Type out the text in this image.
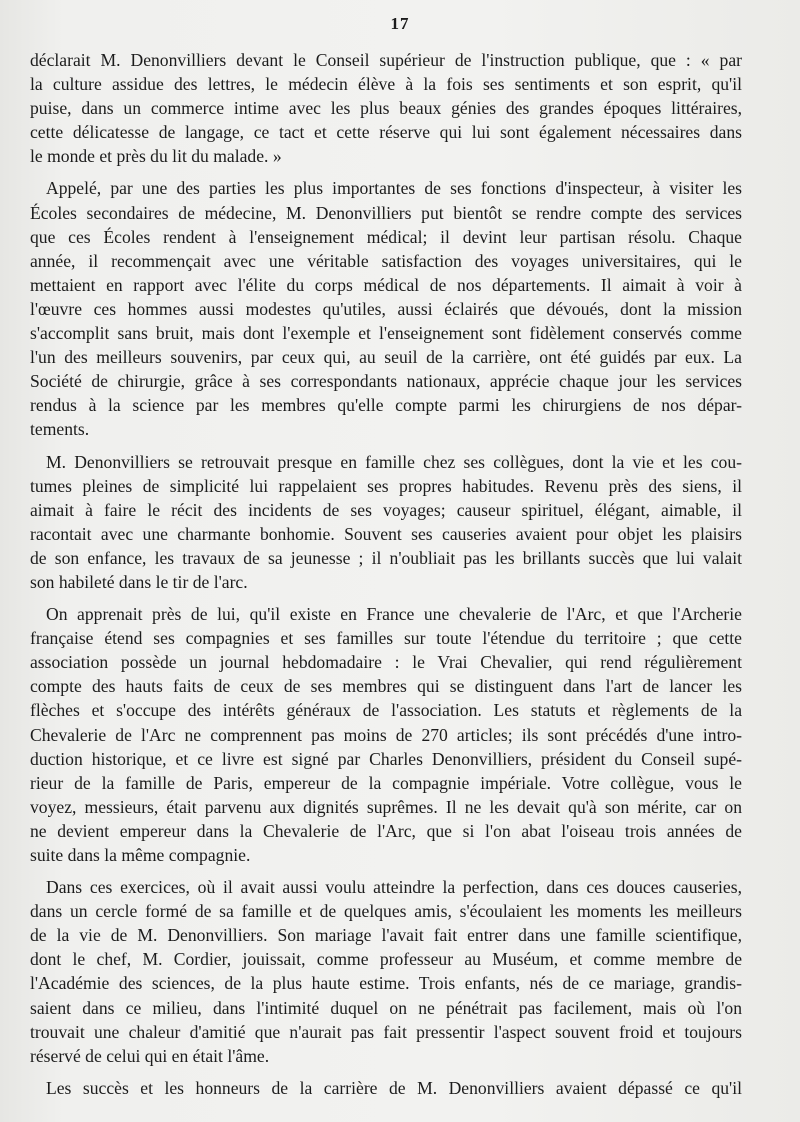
17
déclarait M. Denonvilliers devant le Conseil supérieur de l'instruction publique, que : « par
la culture assidue des lettres, le médecin élève à la fois ses sentiments et son esprit, qu'il
puise, dans un commerce intime avec les plus beaux génies des grandes époques littéraires,
cette délicatesse de langage, ce tact et cette réserve qui lui sont également nécessaires dans
le monde et près du lit du malade. »
Appelé, par une des parties les plus importantes de ses fonctions d'inspecteur, à visiter les
Écoles secondaires de médecine, M. Denonvilliers put bientôt se rendre compte des services
que ces Écoles rendent à l'enseignement médical; il devint leur partisan résolu. Chaque
année, il recommençait avec une véritable satisfaction des voyages universitaires, qui le
mettaient en rapport avec l'élite du corps médical de nos départements. Il aimait à voir à
l'œuvre ces hommes aussi modestes qu'utiles, aussi éclairés que dévoués, dont la mission
s'accomplit sans bruit, mais dont l'exemple et l'enseignement sont fidèlement conservés comme
l'un des meilleurs souvenirs, par ceux qui, au seuil de la carrière, ont été guidés par eux. La
Société de chirurgie, grâce à ses correspondants nationaux, apprécie chaque jour les services
rendus à la science par les membres qu'elle compte parmi les chirurgiens de nos dépar-
tements.
M. Denonvilliers se retrouvait presque en famille chez ses collègues, dont la vie et les cou-
tumes pleines de simplicité lui rappelaient ses propres habitudes. Revenu près des siens, il
aimait à faire le récit des incidents de ses voyages; causeur spirituel, élégant, aimable, il
racontait avec une charmante bonhomie. Souvent ses causeries avaient pour objet les plaisirs
de son enfance, les travaux de sa jeunesse ; il n'oubliait pas les brillants succès que lui valait
son habileté dans le tir de l'arc.
On apprenait près de lui, qu'il existe en France une chevalerie de l'Arc, et que l'Archerie
française étend ses compagnies et ses familles sur toute l'étendue du territoire ; que cette
association possède un journal hebdomadaire : le Vrai Chevalier, qui rend régulièrement
compte des hauts faits de ceux de ses membres qui se distinguent dans l'art de lancer les
flèches et s'occupe des intérêts généraux de l'association. Les statuts et règlements de la
Chevalerie de l'Arc ne comprennent pas moins de 270 articles; ils sont précédés d'une intro-
duction historique, et ce livre est signé par Charles Denonvilliers, président du Conseil supé-
rieur de la famille de Paris, empereur de la compagnie impériale. Votre collègue, vous le
voyez, messieurs, était parvenu aux dignités suprêmes. Il ne les devait qu'à son mérite, car on
ne devient empereur dans la Chevalerie de l'Arc, que si l'on abat l'oiseau trois années de
suite dans la même compagnie.
Dans ces exercices, où il avait aussi voulu atteindre la perfection, dans ces douces causeries,
dans un cercle formé de sa famille et de quelques amis, s'écoulaient les moments les meilleurs
de la vie de M. Denonvilliers. Son mariage l'avait fait entrer dans une famille scientifique,
dont le chef, M. Cordier, jouissait, comme professeur au Muséum, et comme membre de
l'Académie des sciences, de la plus haute estime. Trois enfants, nés de ce mariage, grandis-
saient dans ce milieu, dans l'intimité duquel on ne pénétrait pas facilement, mais où l'on
trouvait une chaleur d'amitié que n'aurait pas fait pressentir l'aspect souvent froid et toujours
réservé de celui qui en était l'âme.
Les succès et les honneurs de la carrière de M. Denonvilliers avaient dépassé ce qu'il
